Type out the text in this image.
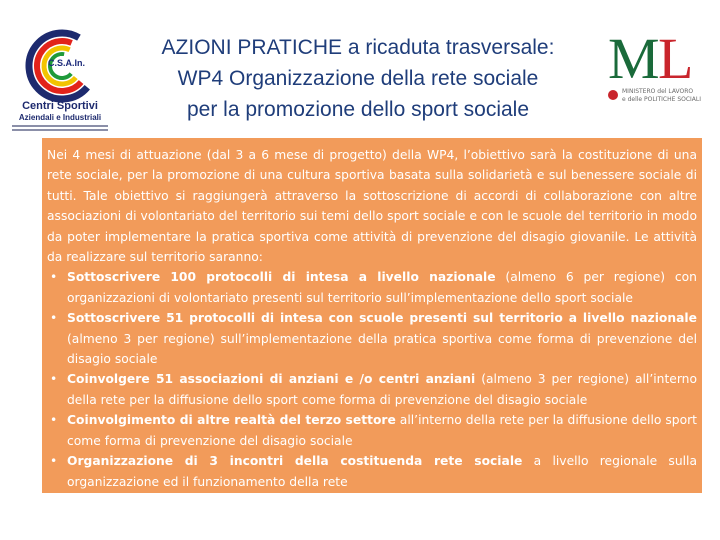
C.S.A.In.
Centri Sportivi
Aziendali e Industriali
AZIONI PRATICHE a ricaduta trasversale:
WP4 Organizzazione della rete sociale
per la promozione dello sport sociale
M
L
MINISTERO del LAVORO
e delle POLITICHE SOCIALI

Nei 4 mesi di attuazione (dal 3 a 6 mese di progetto) della WP4, l’obiettivo sarà la costituzione di una rete sociale, per la promozione di una cultura sportiva basata sulla solidarietà e sul benessere sociale di tutti. Tale obiettivo si raggiungerà attraverso la sottoscrizione di accordi di collaborazione con altre associazioni di volontariato del territorio sui temi dello sport sociale e con le scuole del territorio in modo da poter implementare la pratica sportiva come attività di prevenzione del disagio giovanile. Le attività da realizzare sul territorio saranno:

• Sottoscrivere 100 protocolli di intesa a livello nazionale (almeno 6 per regione) con organizzazioni di volontariato presenti sul territorio sull’implementazione dello sport sociale
• Sottoscrivere 51 protocolli di intesa con scuole presenti sul territorio a livello nazionale (almeno 3 per regione) sull’implementazione della pratica sportiva come forma di prevenzione del disagio sociale
• Coinvolgere 51 associazioni di anziani e /o centri anziani (almeno 3 per regione) all’interno della rete per la diffusione dello sport come forma di prevenzione del disagio sociale
• Coinvolgimento di altre realtà del terzo settore all’interno della rete per la diffusione dello sport come forma di prevenzione del disagio sociale
• Organizzazione di 3 incontri della costituenda rete sociale a livello regionale sulla organizzazione ed il funzionamento della rete
